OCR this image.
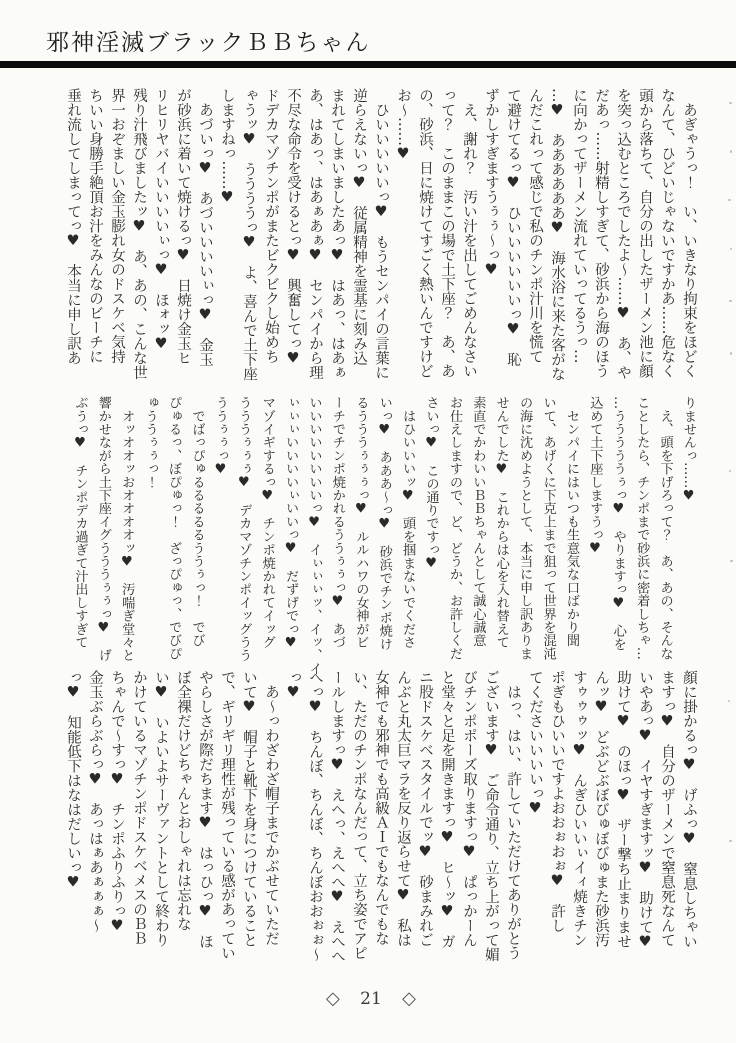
邪神淫滅ブラックＢＢちゃん
　あぎゃうっ！　い、いきなり拘束をほどく
なんて、ひどいじゃないですかあ……危なく
頭から落ちて、自分の出したザーメン池に顔
を突っ込むところでしたよ～……♥　あ、や
だあっ……射精しすぎて、砂浜から海のほう
に向かってザーメン流れていってるうっ…
…♥　ああああああ♥　海水浴に来た客がな
んだこれって感じで私のチンポ汁川を慌て
て避けてるっ♥　ひいいいいいいっ♥　恥
ずかしすぎますうぅぅ～っ♥
　え、謝れ？　汚い汁を出してごめんなさい
って？　このままこの場で土下座？　あ、あ
の、砂浜、日に焼けてすごく熱いんですけど
お～……♥
　ひいいいいいっ♥　もうセンパイの言葉に
逆らえないっ♥　従属精神を霊基に刻み込
まれてしまいましたあっ♥　はあっ、はあぁ
あ、はあっ、はあぁあぁ♥　センパイから理
不尽な命令を受けるとっ♥　興奮してっ♥
ドデカマゾチンポがまたビクビクし始めち
ゃうッ♥　ううううっ♥　よ、喜んで土下座
しますねっ……♥
　あづいっ♥　あづいいいいぃっ♥　金玉
が砂浜に着いて焼けるっ♥　日焼け金玉ヒ
リヒリヤバイいいいいぃっ♥　ほォッ♥
残り汁飛びましたッ♥　あ、あの、こんな世
界一おぞましい金玉膨れ女のドスケベ気持
ちいい身勝手絶頂お汁をみんなのビーチに
垂れ流してしまってっ♥　本当に申し訳あ
りませんっ……♥
　え、頭を下げろって？　あ、あの、そんな
ことしたら、チンポまで砂浜に密着しちゃ…
…うううううぅっ♥　やりますっ♥　心を
込めて土下座しますうっ♥
　センパイにはいつも生意気な口ばかり聞
いて、あげくに下克上まで狙って世界を混沌
の海に沈めようとして、本当に申し訳ありま
せんでした♥　これからは心を入れ替えて
素直でかわいいＢＢちゃんとして誠心誠意
お仕えしますので、ど、どうか、お許しくだ
さいっ♥　この通りですっ♥
　はひいいいッ♥　頭を掴まないでくださ
いっ♥　あああ～っ♥　砂浜でチンポ焼け
るうううぅぅぅっ♥　ルルハワの女神がビ
ーチでチンポ焼かれるううぅぅっ♥　あづ
いいいいいいいいっ♥　イぃぃぃッ、イッ、イ
ぃぃぃいいいいぃいいっ♥　だずげでっ♥
マゾイギするっ♥　チンポ焼かれてイッグ
うううぅぅぅ♥　デカマゾチンポイッグうう
ううぅぅっ♥
　でばっぴゅるるるるるううぅっ！　でび
ぴゅるっ、ぼぴゅっ！　ざっぴゅっ、でびぴ
ゅううぅぅっ！
　オッオオッおオオオオッ♥　汚喘ぎ堂々と
響かせながら土下座イグうううぅぅっ♥　げ
ぶうっ♥　チンポデカ過ぎて汁出しすぎて
顔に掛かるっ♥　げふっ♥　窒息しちゃい
ますっ♥　自分のザーメンで窒息死なんて
いやあっ♥　イヤすぎますッ♥　助けて♥
助けて♥　のほっ♥　ザー撃ち止まりませ
んッ♥　どぶどぶぼびゅぼびゅまた砂浜汚
すゥゥゥッ♥　んぎひいいぃイィ焼きチン
ポぎもひいいですよおおぉおぉ♥　許し
てくださいいいいっ♥
　はっ、はい、許していただけてありがとう
ございます♥　ご命令通り、立ち上がって媚
びチンポポーズ取りますっ♥　ぱっかーん
と堂々と足を開きますっ♥　ヒ～ッ♥　ガ
ニ股ドスケベスタイルでッ♥　砂まみれご
んぶと丸太巨マラを反り返らせて♥　私は
女神でも邪神でも高級ＡＩでもなんでもな
い、ただのチンポなんだって、立ち姿でアピ
ールしますっ♥　えへっ、えへへ♥　えへへ
へっ♥　ちんぼ、ちんぼ、ちんぼおおぉぉ～
っ♥
　あ～っわざわざ帽子までかぶせていただ
いて♥　帽子と靴下を身につけていること
で、ギリギリ理性が残っている感があってい
やらしさが際だちます♥　はっひっ♥　ほ
ぼ全裸だけどちゃんとおしゃれは忘れな
い♥　いよいよサーヴァントとして終わり
かけているマゾチンポドスケベメスのＢＢ
ちゃんで～すっ♥　チンポふりふりっ♥
金玉ぶらぶらっ♥　あっはぁあぁぁぁ～
っ♥　知能低下はなはだしいっ♥
◇ 21 ◇
